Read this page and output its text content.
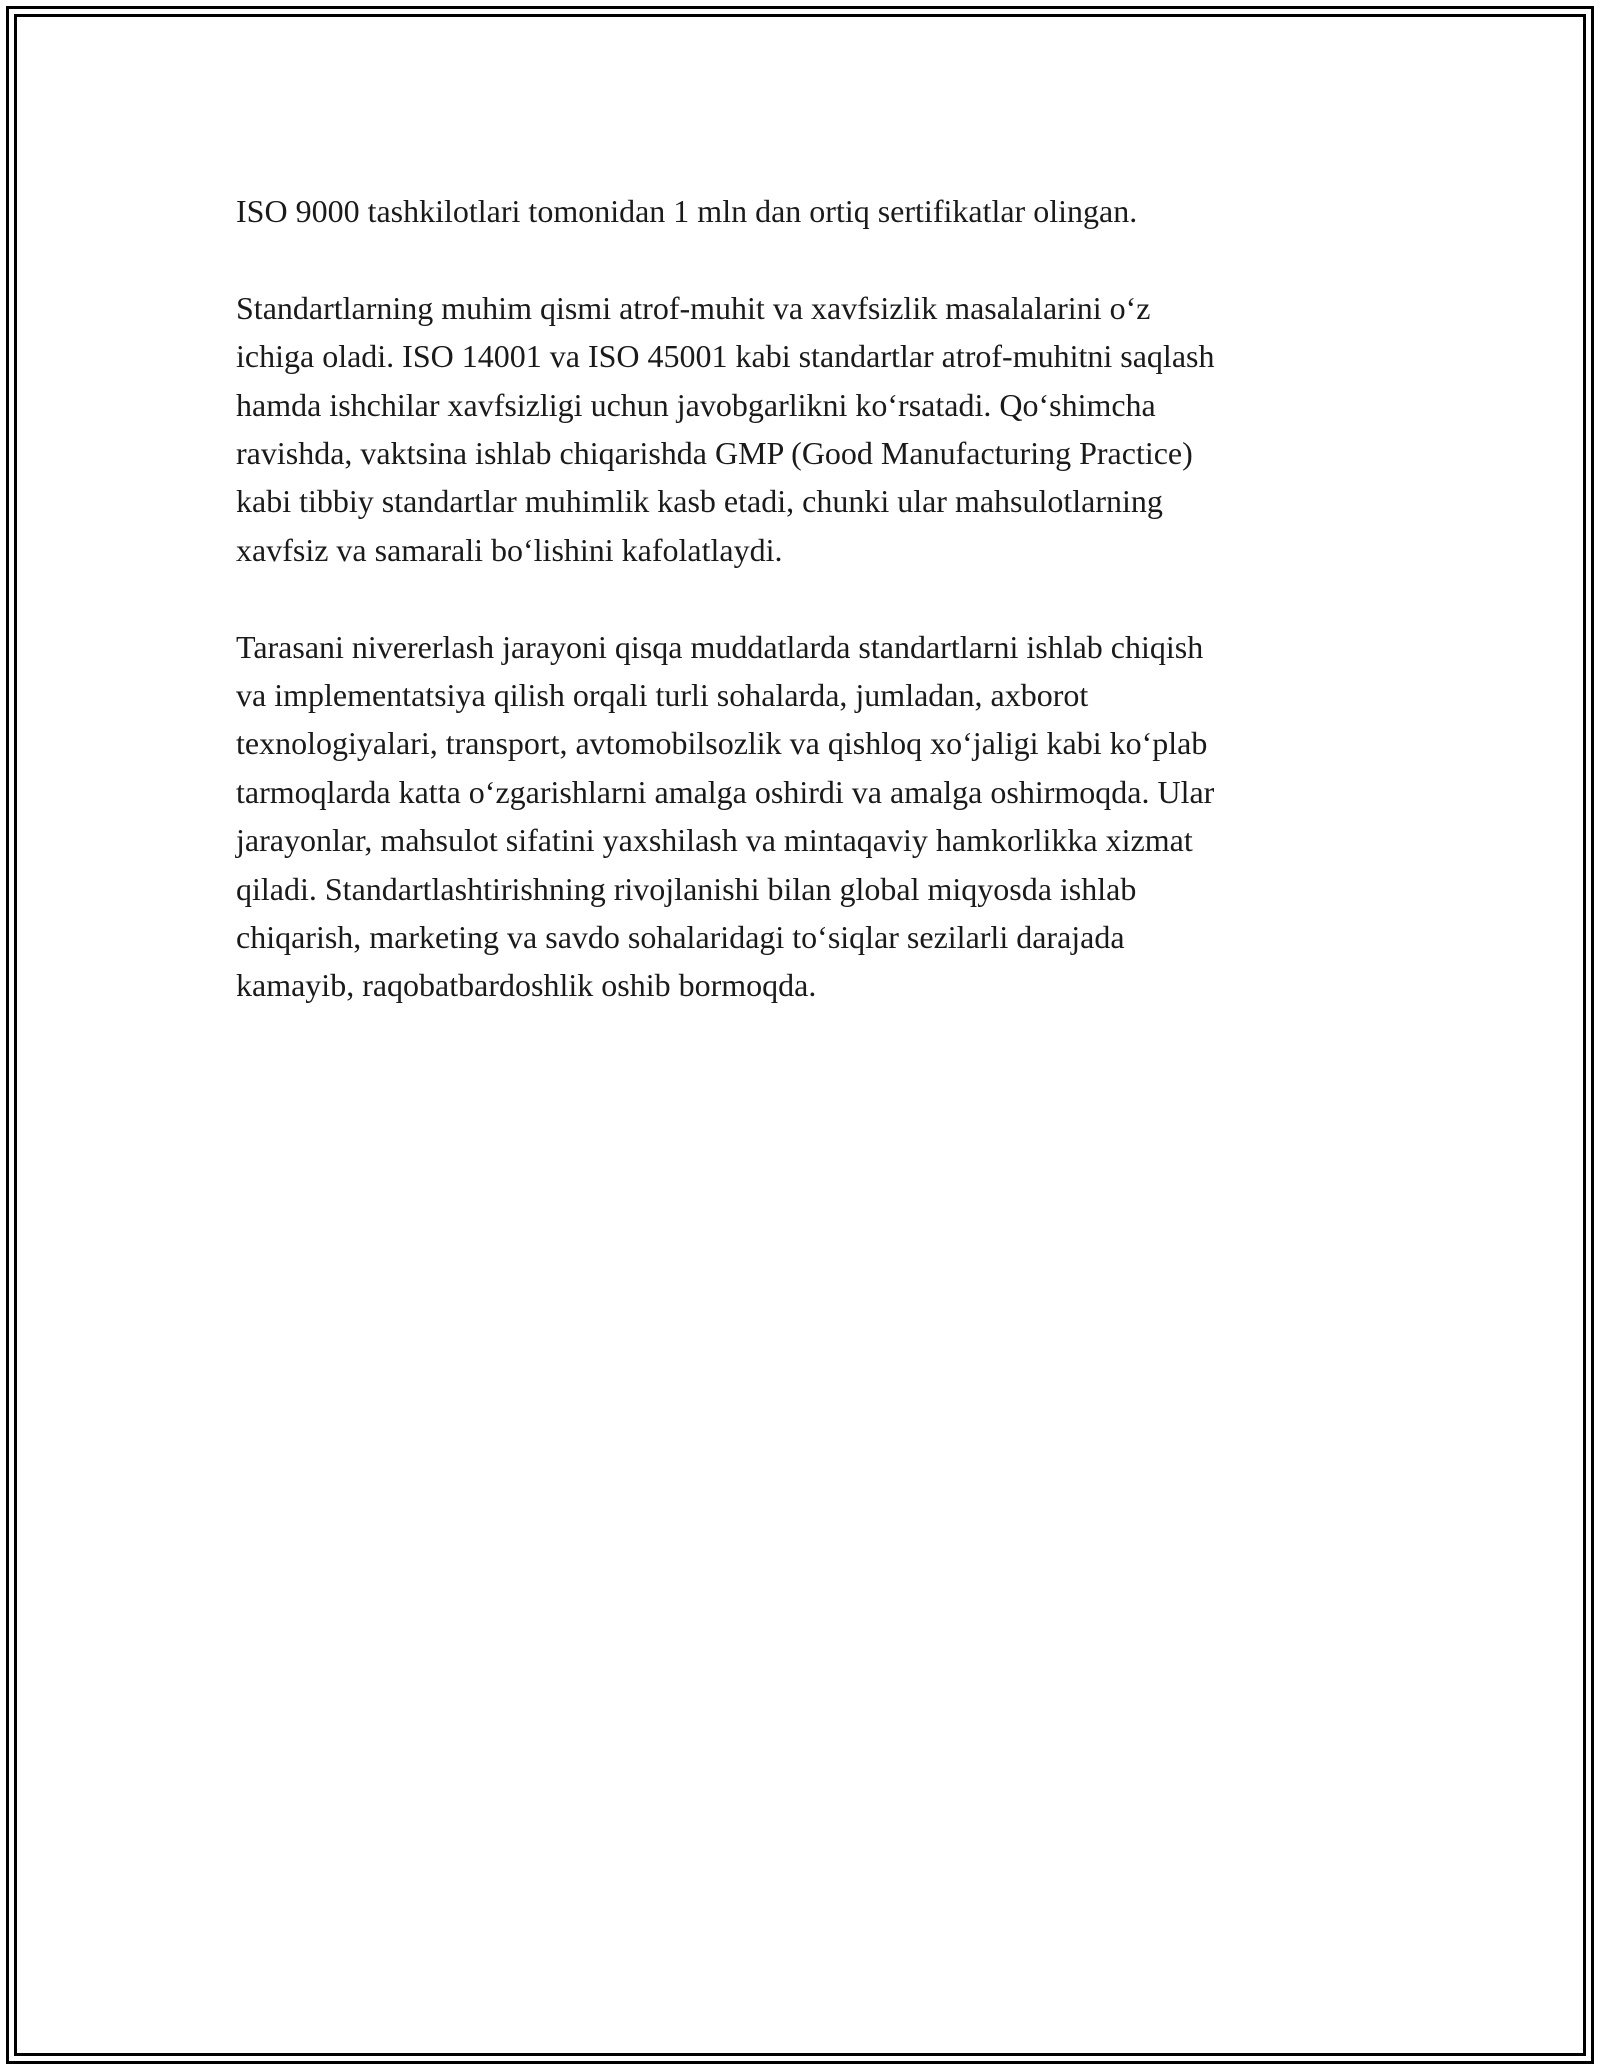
ISO 9000 tashkilotlari tomonidan 1 mln dan ortiq sertifikatlar olingan.

Standartlarning muhim qismi atrof-muhit va xavfsizlik masalalarini o‘z
ichiga oladi. ISO 14001 va ISO 45001 kabi standartlar atrof-muhitni saqlash
hamda ishchilar xavfsizligi uchun javobgarlikni ko‘rsatadi. Qo‘shimcha
ravishda, vaktsina ishlab chiqarishda GMP (Good Manufacturing Practice)
kabi tibbiy standartlar muhimlik kasb etadi, chunki ular mahsulotlarning
xavfsiz va samarali bo‘lishini kafolatlaydi.

Tarasani nivererlash jarayoni qisqa muddatlarda standartlarni ishlab chiqish
va implementatsiya qilish orqali turli sohalarda, jumladan, axborot
texnologiyalari, transport, avtomobilsozlik va qishloq xo‘jaligi kabi ko‘plab
tarmoqlarda katta o‘zgarishlarni amalga oshirdi va amalga oshirmoqda. Ular
jarayonlar, mahsulot sifatini yaxshilash va mintaqaviy hamkorlikka xizmat
qiladi. Standartlashtirishning rivojlanishi bilan global miqyosda ishlab
chiqarish, marketing va savdo sohalaridagi to‘siqlar sezilarli darajada
kamayib, raqobatbardoshlik oshib bormoqda.
